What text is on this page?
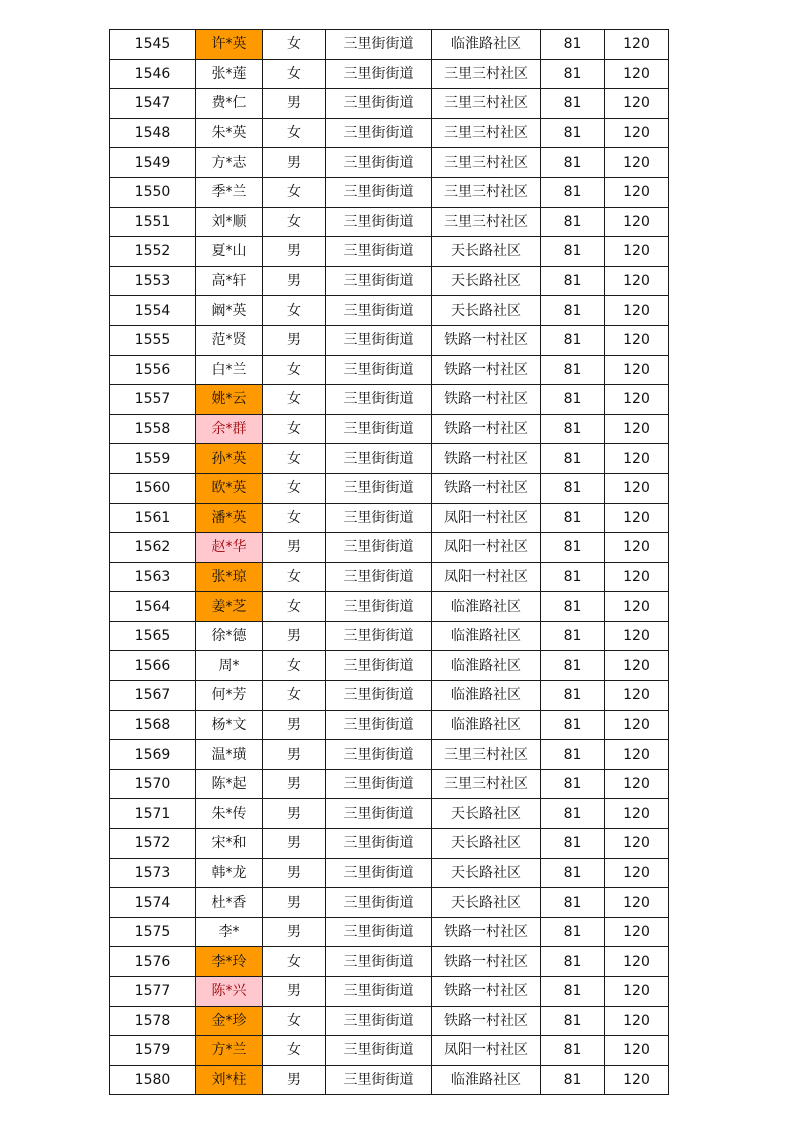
1545	许*英	女	三里街街道	临淮路社区	81	120
1546	张*莲	女	三里街街道	三里三村社区	81	120
1547	费*仁	男	三里街街道	三里三村社区	81	120
1548	朱*英	女	三里街街道	三里三村社区	81	120
1549	方*志	男	三里街街道	三里三村社区	81	120
1550	季*兰	女	三里街街道	三里三村社区	81	120
1551	刘*顺	女	三里街街道	三里三村社区	81	120
1552	夏*山	男	三里街街道	天长路社区	81	120
1553	高*轩	男	三里街街道	天长路社区	81	120
1554	阚*英	女	三里街街道	天长路社区	81	120
1555	范*贤	男	三里街街道	铁路一村社区	81	120
1556	白*兰	女	三里街街道	铁路一村社区	81	120
1557	姚*云	女	三里街街道	铁路一村社区	81	120
1558	余*群	女	三里街街道	铁路一村社区	81	120
1559	孙*英	女	三里街街道	铁路一村社区	81	120
1560	欧*英	女	三里街街道	铁路一村社区	81	120
1561	潘*英	女	三里街街道	凤阳一村社区	81	120
1562	赵*华	男	三里街街道	凤阳一村社区	81	120
1563	张*琼	女	三里街街道	凤阳一村社区	81	120
1564	姜*芝	女	三里街街道	临淮路社区	81	120
1565	徐*德	男	三里街街道	临淮路社区	81	120
1566	周*	女	三里街街道	临淮路社区	81	120
1567	何*芳	女	三里街街道	临淮路社区	81	120
1568	杨*文	男	三里街街道	临淮路社区	81	120
1569	温*璜	男	三里街街道	三里三村社区	81	120
1570	陈*起	男	三里街街道	三里三村社区	81	120
1571	朱*传	男	三里街街道	天长路社区	81	120
1572	宋*和	男	三里街街道	天长路社区	81	120
1573	韩*龙	男	三里街街道	天长路社区	81	120
1574	杜*香	男	三里街街道	天长路社区	81	120
1575	李*	男	三里街街道	铁路一村社区	81	120
1576	李*玲	女	三里街街道	铁路一村社区	81	120
1577	陈*兴	男	三里街街道	铁路一村社区	81	120
1578	金*珍	女	三里街街道	铁路一村社区	81	120
1579	方*兰	女	三里街街道	凤阳一村社区	81	120
1580	刘*柱	男	三里街街道	临淮路社区	81	120
